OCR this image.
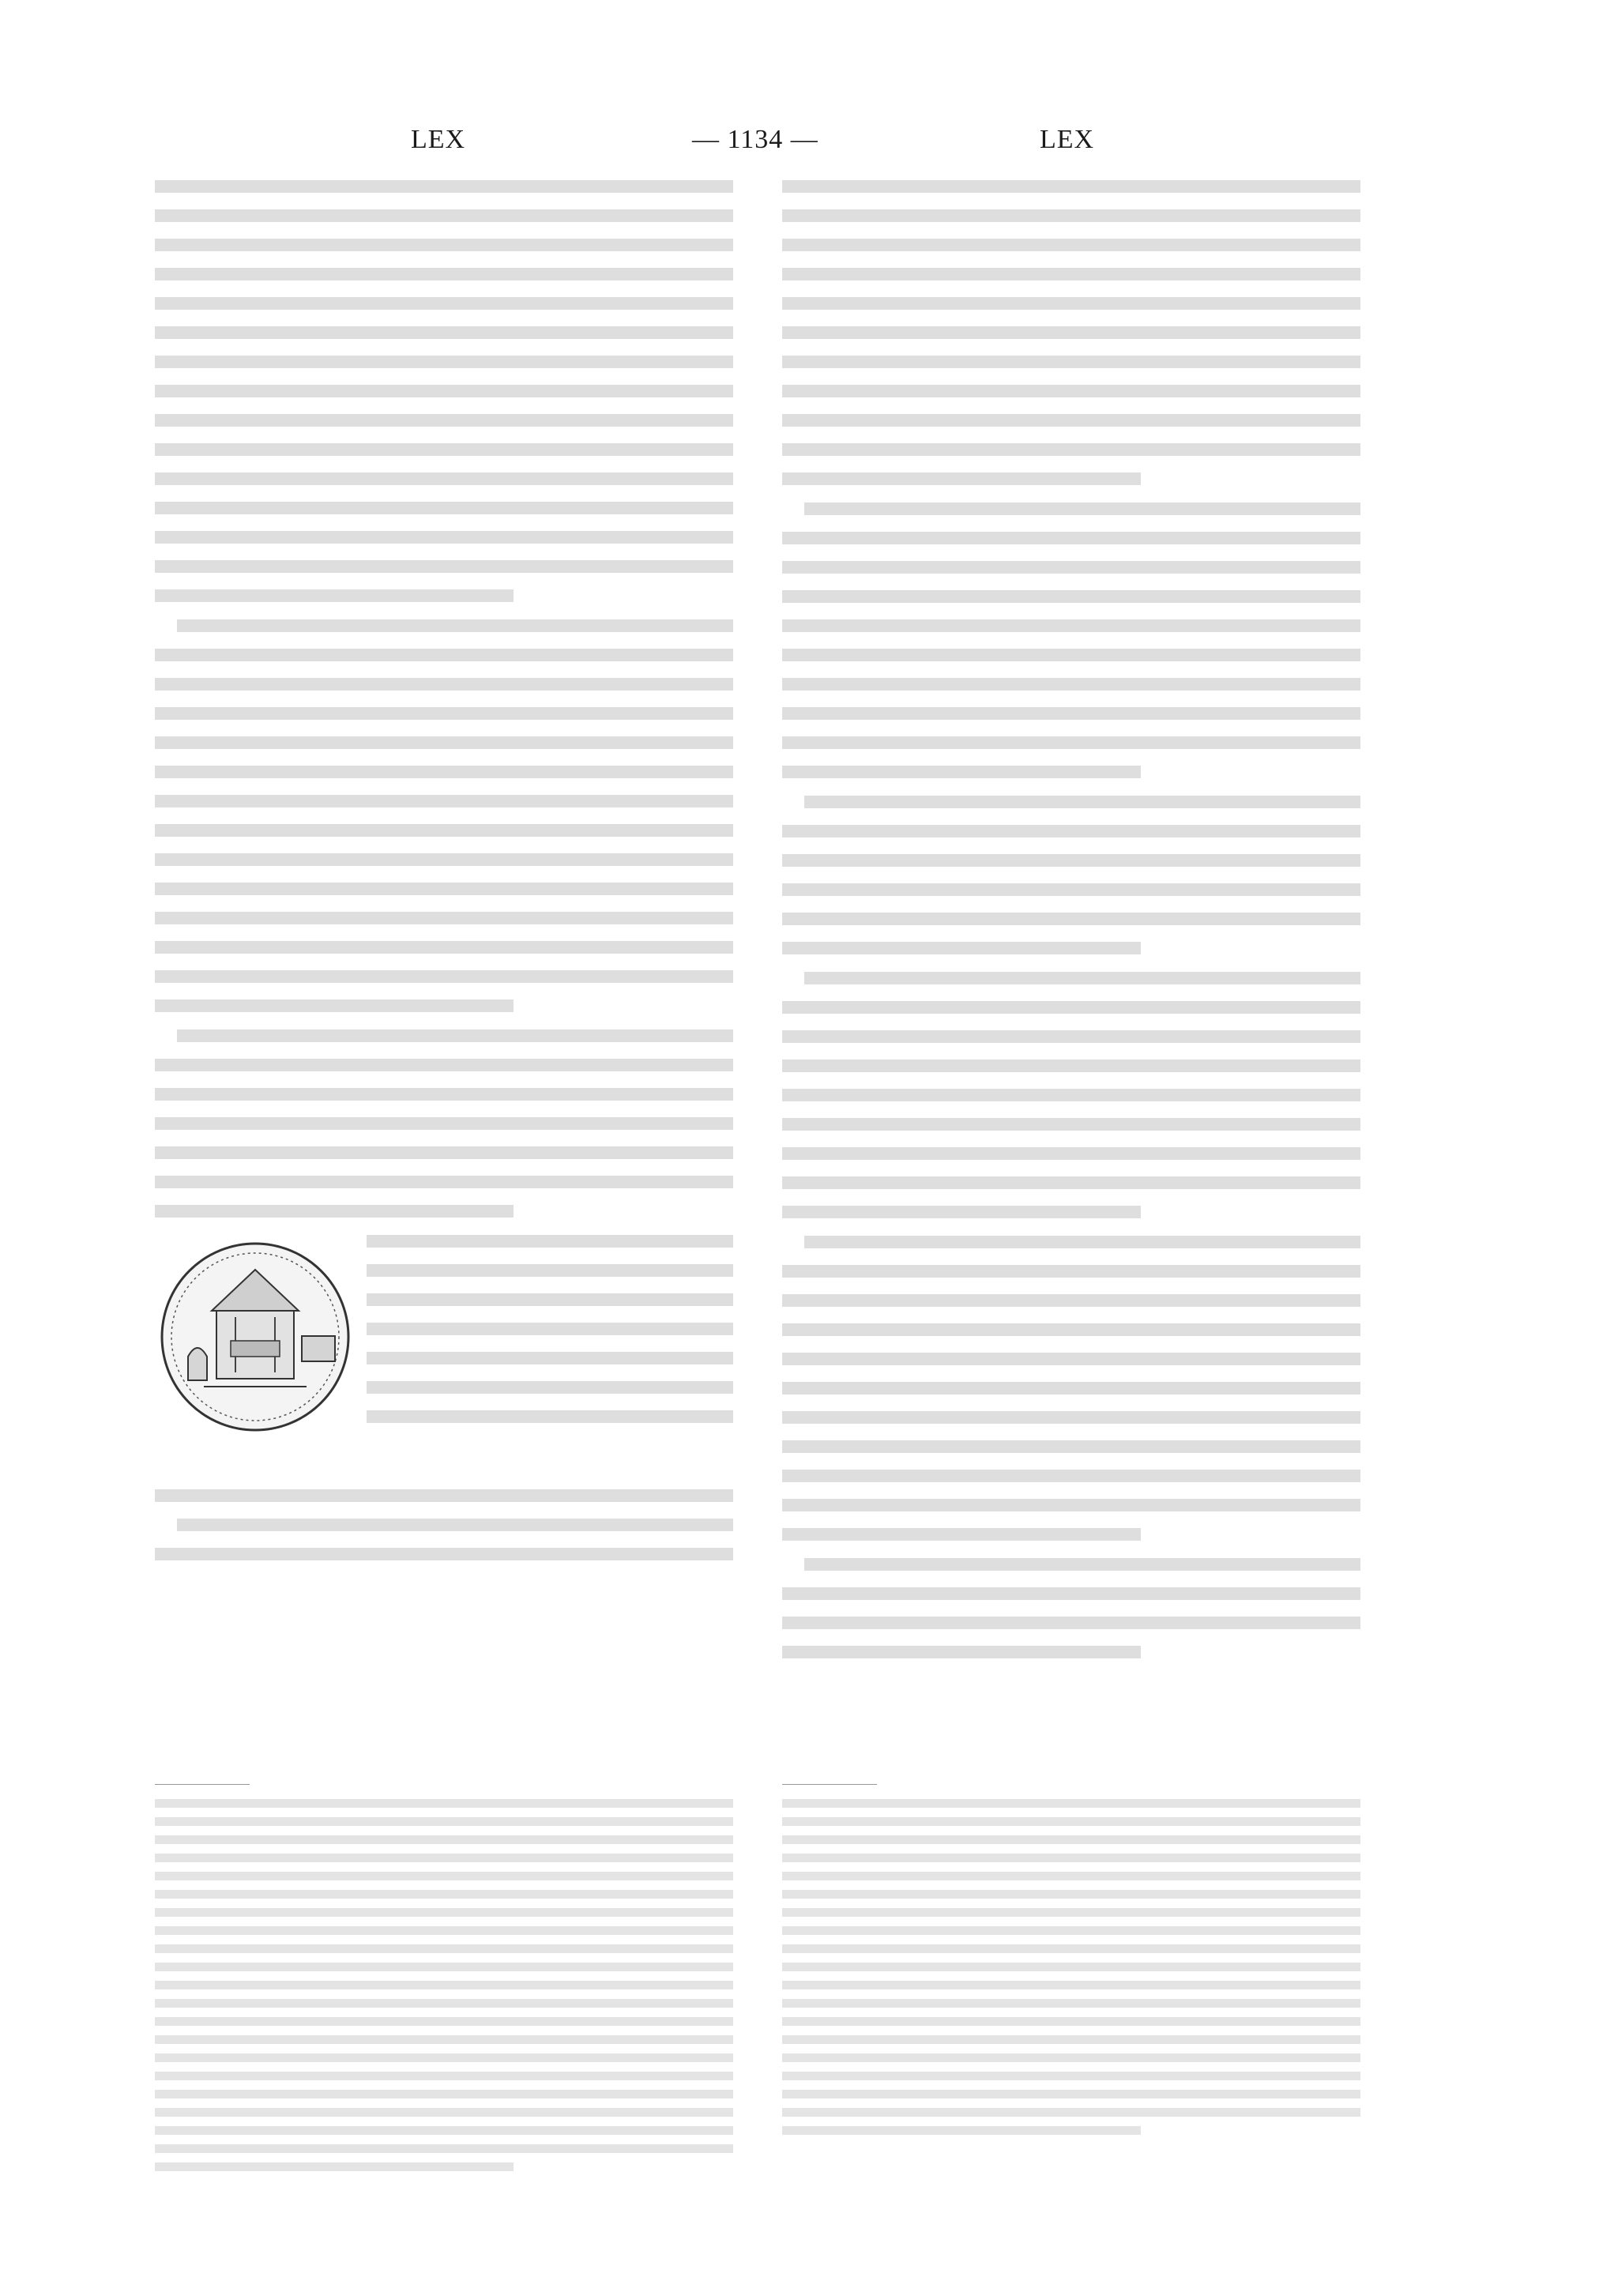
LEX	— 1134 —	LEX
